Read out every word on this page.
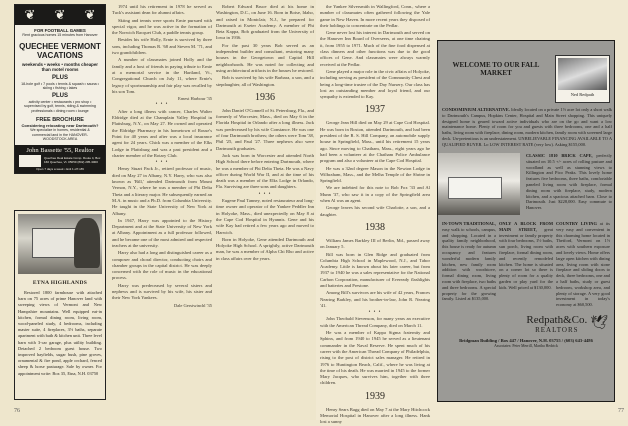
❦ ❦ ❦
FOR FOOTBALL GAMES
Rent gracious homes 15 minutes from Hanover
QUECHEE VERMONT VACATIONS
weekends • weeks • months cheaper than motel rooms
PLUS
18-hole golf • 7 pools • tennis & squash • sauna • skiing • fishing • lakes
PLUS
activity center • restaurants • pro shop • supervised by golf, tennis, riding & swimming professionals • dining room • lounge
FREE BROCHURE
Considering relocating near Dartmouth?
We specialize in homes, residential & commercial land in the HANOVER-WOODSTOCK AREA
John Bassette '55, Realtor
Quechee Real Estate Comp. Route 4, Box 160 Quechee, Vt. 05059 (802) 295-3000
Open 7 days a week • Exit 1 off I-89
ETNA HIGHLANDS

Restored 1800 farmhouse with attached barn on 75 acres of prime Hanover land with sweeping views of Vermont and New Hampshire mountains. Well equipped eat-in kitchen, formal dining room, living room, wood-paneled study, 4 bedrooms, including master suite, 4 fireplaces, 3½ baths, separate apartment with bath & kitchen unit. Three level barn with 3-car garage, plus utility building. Detached 2 bedroom guest house. Two improved hayfields, sugar bush, pine groves, ornamental & fire pond, apple orchard, fenced sheep & horse pasturage. Sale by owner. For appointment write: Box 35, Etna, N.H. 03750

76

1974 until his retirement in 1978 he served as Tuck's assistant dean for alumni affairs.

Skiing and tennis were sports Ernie pursued with special vigor, and he was active in the formation of the Norwich Racquet Club, a paddle tennis group.

Besides his wife Holly, Ernie is survived by three sons, including Thomas R. '68 and Steven M. '71, and two grandchildren.

A number of classmates joined Holly and the family and a host of friends in paying tribute to Ernie at a memorial service in the Hartland, Vt., Congregational Church on July 11, where Ernie's legacy of sportsmanship and fair play was recalled by his son Tom.

Ernest Harbour '35
• • •

After a long illness with cancer, Charles Walter Eldridge died at the Champlain Valley Hospital in Plattsburg, N.Y., on May 27. He owned and operated the Eldridge Pharmacy in his hometown of Rouse's Point for 40 years and after was a local insurance agent for 24 years. Chick was a member of the Elks Lodge in Plattsburg and was a past president and a charter member of the Rotary Club.

• • •

Henry Stuart Pack Jr., retired professor of music, died on May 27 in Albany, N.Y. Harry, who was also known as 'Bill,' attended Dartmouth from Mount Vernon, N.Y., where he was a member of Phi Delta Theta and a literary major. He subsequently earned an M.A. in music and a Ph.D. from Columbia University. He taught in the State University of New York at Albany.

In 1947, Harry was appointed to the History Department and at the State University of New York at Albany. Appointment as a full professor followed, and he became one of the most admired and respected teachers at the university.

Harry also had a long and distinguished career as a composer and choral director, conducting choirs and chamber groups in the capital district. He was deeply concerned with the role of music in the educational process.

Harry was predeceased by several sisters and nephews and is survived by his wife, his sister and their New York Yankees.

Dale Gerstwinchl '35

Robert Edward Bruce died at his home in Washington, D.C., on June 16. Born in Boise, Idaho, and raised in Montclair, N.J., he prepared for Dartmouth at Exeter Academy. A member of Phi Beta Kappa, Bob graduated from the University of Iowa in 1936.

For the past 30 years Bob served as an independent builder and consultant, restoring many houses in the Georgetown and Capitol Hill neighborhoods. He was noted for collecting and using architectural artifacts in the houses he restored.

Bob is survived by his wife Barbara, a son, and a stepdaughter, all of Washington.

1936

John Daniel O'Connell of St. Petersburg, Fla., and formerly of Worcester, Mass., died on May 6 in the Florida Hospital in Orlando after a long illness. Jack was predeceased by his wife Constance. He was one of four Dartmouth brothers; the others were Tom '38, Phil '25, and Paul '27. Three nephews also were Dartmouth graduates.

Jack was born in Worcester and attended North High School there before entering Dartmouth, where he was a member of Phi Delta Theta. He was a Navy officer during World War II, and at the time of his death was a member of the Elks Lodge in Orlando, Fla. Surviving are three sons and daughters.

• • •

Eugene Paul Tanney, noted restaurateur and long-time owner and operator of the Yankee Peddler Inn in Holyoke, Mass., died unexpectedly on May 8 at the Cape Cod Hospital in Hyannis. Gene and his wife Kay had retired a few years ago and moved to Harwich.

Born in Holyoke, Gene attended Dartmouth and Holyoke High School. A sprightly, active Dartmouth man, he was a member of Alpha Chi Rho and active in class affairs over the years.

the Yankee Silversmith in Wallingford, Conn., where a number of classmates often gathered following the Yale game in New Haven. In more recent years they disposed of their holdings to concentrate on the Pedlar.

Gene never lost his interest in Dartmouth and served on the Hanover Inn Board of Overseers, at one time chairing it, from 1955 to 1971. Much of the fine food dispensed at class dinners and other functions was due to the good offices of Gene. And classmates were always warmly received at the Pedlar.

Gene played a major role in the civic affairs of Holyoke, including serving as president of the Community Chest and being a long-time trustee of the Day Nursery. Our class has lost an outstanding member and loyal friend, and our sympathy is extended to Kay.

1937

George Jean Hill died on May 29 at Cape Cod Hospital. He was born in Boston, attended Dartmouth, and had been president of the R. S. Hill Company, an automobile supply house in Springfield, Mass., until his retirement 15 years ago. Since moving to Chatham, Mass., eight years ago he had been a volunteer at the Chatham Police Ambulance program and also a volunteer at the Cape Cod Hospital.

He was a 32nd degree Mason in the Newton Lodge in Wilbraham, Mass., and the Melha Temple of the Shrine in Springfield.

We are indebted for this note to Bob Fox '33 and Al Munn '37, who saw it in a copy of the Springfield area when Al was an agent.

George leaves his second wife Charlotte, a son, and a daughter.

1938

William James Barkley III of Berlin, Md., passed away on January 5.

Bill was born in Glen Ridge and graduated from Columbia High School in Maplewood, N.J., and Tabor Academy. Little is known about his later career, but from 1937 to 1940 he was a sales representative for the National Carbon Corporation, manufacturer of Eveready flashlights and batteries and Prestone.

Among Bill's survivors are his wife of 42 years, Frances Nearing Barkley, and his brother-in-law, John R. Nearing '41.

• • •

John Theobald Stevenson, for many years an executive with the American Thread Company, died on March 11.

He was a member of Kappa Sigma fraternity and Sphinx, and from 1940 to 1945 he served as a lieutenant commander in the Naval Reserve. He spent much of his career with the American Thread Company of Philadelphia, rising to the post of district sales manager. He retired in 1976 to Huntington Beach, Calif., where he was living at the time of his death. He was married in 1945 to the former Mary Jacques, who survives him, together with three children.

1939

Henry Sears Bagg died on May 7 at the Mary Hitchcock Memorial Hospital in Hanover after a long illness. Hank lost a sunny

WELCOME TO OUR FALL MARKET
Ned Redpath
CONDOMINIUM ALTERNATIVE. Ideally located on a private 1½ acre lot only a short walk to Dartmouth's Campus, Hopkins Center, Hospital and Main Street shopping. This uniquely designed home is geared toward active individuals who are on the go and want a low maintenance home. Plenty of room for you and guests with three bedrooms, one and a half baths, living room with fireplace, dining room, modern kitchen, family room with screened large deck. Un-pretentious is an understatement. UNBELIEVABLE FINANCING AVAILABLE TO A QUALIFIED BUYER. Lo LOW INTEREST RATE (very low). Asking $155,000.
CLASSIC 1810 BRICK CAPE, perfectly situated on 10.5 +/- acres of rolling pasture and woodland as well as stunning views to Killington and Pico Peaks. This lovely home features five bedrooms, three baths, comfortable paneled living room with fireplace, formal dining room with fireplace, study, modern kitchen, and a spacious attached barn. Close to Dartmouth. Just $228,000. Easy commute to Hanover.
IN-TOWN TRADITIONAL, easy walk to schools, campus, and shopping. Located in a quality family neighborhood, this house is ready for autumn occupancy and features wonderful modern family kitchen, new family room addition with woodstove, formal dining room, living room with fireplace, two baths and three bedrooms. A special property for the growing family. Listed at $135,000.
ONLY A BLOCK FROM MAIN STREET, great investment or family property with four bedrooms, 1½ baths, sun porch, living room with fireplace, formal dining room, and recently remodeled kitchen. The home is situated on a corner lot so there is plenty of room for a quality garden or play yard for the kids. Well priced at $130,000.
COUNTRY LIVING at its very easy and convenient in this charming home located in Thetford, Vermont on 1½ acres with southern exposure and lovely views. Home offers large open kitchen with dining area, living room with stone fireplace and sliding doors to deck, three bedrooms, one and a half baths, study or guest bedroom, workshop area, and plenty of storage. A very good investment in today's economy at $60,500.
Redpath&Co.
REALTORS 🕊
Bridgman Building / Box 447 / Hanover, N.H. 03755 / (603) 643-4486
Associates: Peter Merrill, Martha Hedrick
77
